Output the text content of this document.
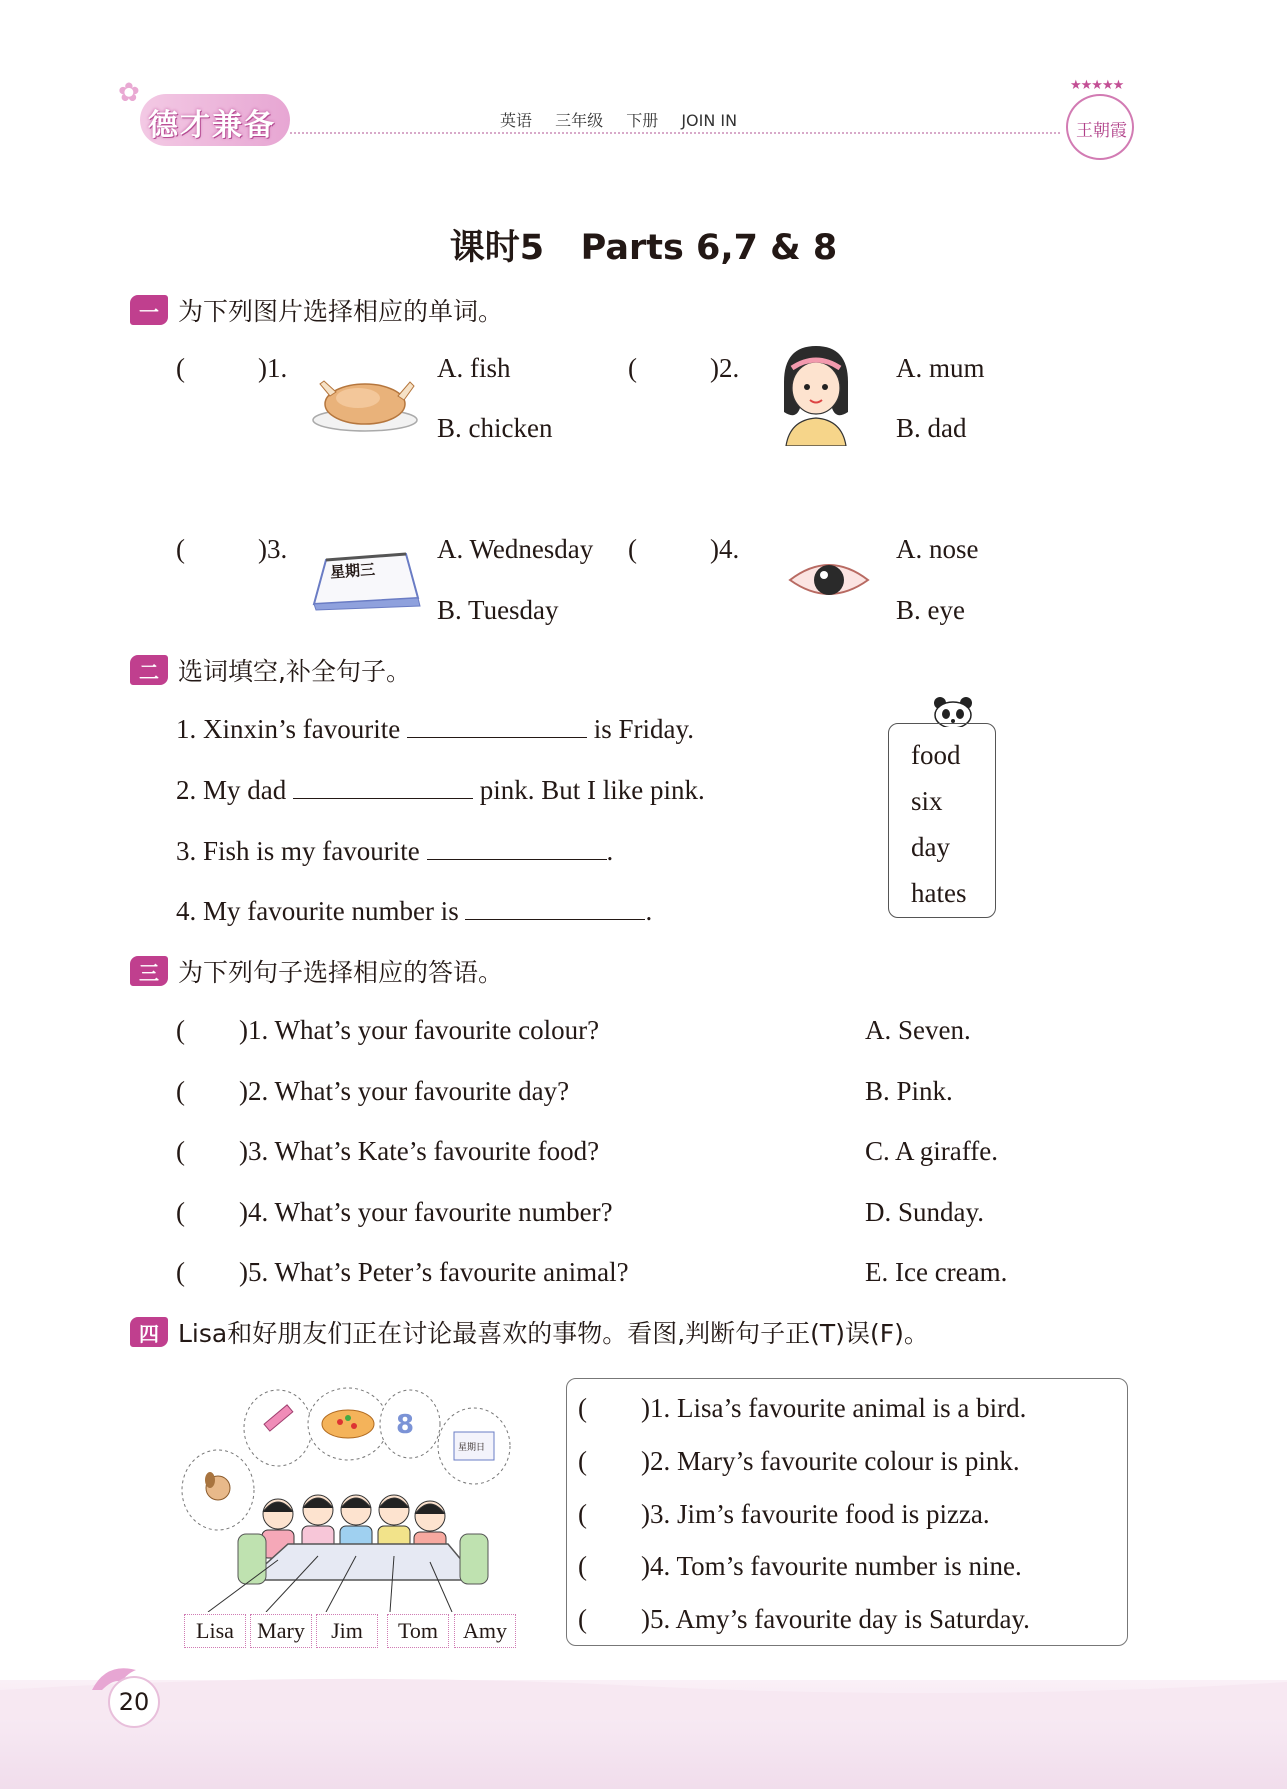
✿
德才兼备	英语 三年级 下册 JOIN IN
★★★★★
王朝霞
课时5   Parts 6,7 & 8
一 为下列图片选择相应的单词。
(	)1.	A. fish
B. chicken
(	)2.	A. mum
B. dad
(	)3.
星期三
A. Wednesday
B. Tuesday
(	)4.	A. nose
B. eye
二 选词填空,补全句子。
1. Xinxin’s favourite	is Friday.
2. My dad	pink. But I like pink.
3. Fish is my favourite	.
4. My favourite number is	.
food
six
day
hates
三 为下列句子选择相应的答语。
(        )1. What’s your favourite colour?
(        )2. What’s your favourite day?
(        )3. What’s Kate’s favourite food?
(        )4. What’s your favourite number?
(        )5. What’s Peter’s favourite animal?
A. Seven.
B. Pink.
C. A giraffe.
D. Sunday.
E. Ice cream.
四 Lisa和好朋友们正在讨论最喜欢的事物。看图,判断句子正(T)误(F)。
8
星期日
Lisa	Mary	Jim	Tom	Amy
(        )1. Lisa’s favourite animal is a bird.
(        )2. Mary’s favourite colour is pink.
(        )3. Jim’s favourite food is pizza.
(        )4. Tom’s favourite number is nine.
(        )5. Amy’s favourite day is Saturday.
20
